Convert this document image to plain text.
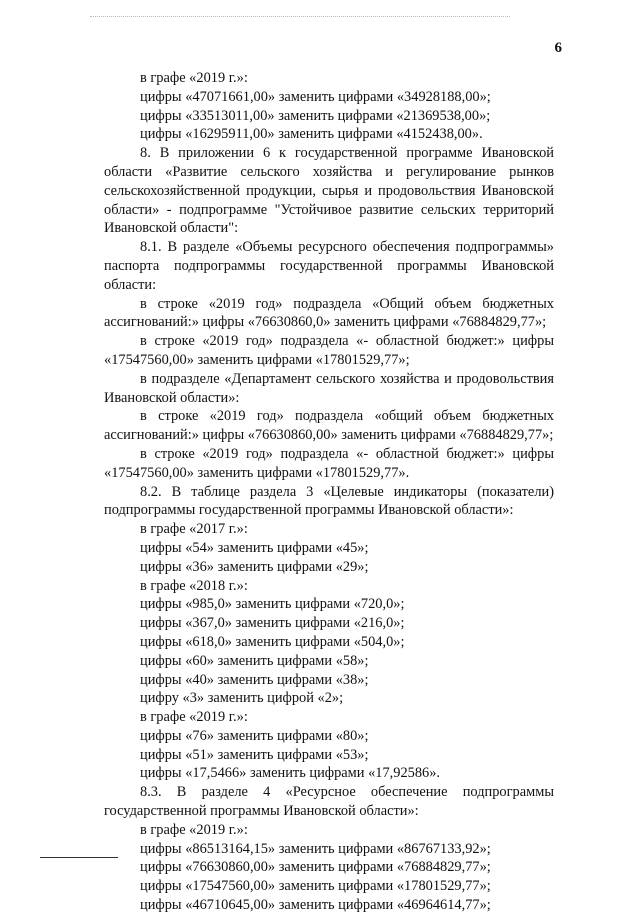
6

в графе «2019 г.»:

цифры «47071661,00» заменить цифрами «34928188,00»;

цифры «33513011,00» заменить цифрами «21369538,00»;

цифры «16295911,00» заменить цифрами «4152438,00».

8. В приложении 6 к государственной программе Ивановской области «Развитие сельского хозяйства и регулирование рынков сельскохозяйственной продукции, сырья и продовольствия Ивановской области» - подпрограмме "Устойчивое развитие сельских территорий Ивановской области":

8.1. В разделе «Объемы ресурсного обеспечения подпрограммы» паспорта подпрограммы государственной программы Ивановской области:

в строке «2019 год» подраздела «Общий объем бюджетных ассигнований:» цифры «76630860,0» заменить цифрами «76884829,77»;

в строке «2019 год» подраздела «- областной бюджет:» цифры «17547560,00» заменить цифрами «17801529,77»;

в подразделе «Департамент сельского хозяйства и продовольствия Ивановской области»:

в строке «2019 год» подраздела «общий объем бюджетных ассигнований:» цифры «76630860,00» заменить цифрами «76884829,77»;

в строке «2019 год» подраздела «- областной бюджет:» цифры «17547560,00» заменить цифрами «17801529,77».

8.2. В таблице раздела 3 «Целевые индикаторы (показатели) подпрограммы государственной программы Ивановской области»:

в графе «2017 г.»:

цифры «54» заменить цифрами «45»;

цифры «36» заменить цифрами «29»;

в графе «2018 г.»:

цифры «985,0» заменить цифрами «720,0»;

цифры «367,0» заменить цифрами «216,0»;

цифры «618,0» заменить цифрами «504,0»;

цифры «60» заменить цифрами «58»;

цифры «40» заменить цифрами «38»;

цифру «3» заменить цифрой «2»;

в графе «2019 г.»:

цифры «76» заменить цифрами «80»;

цифры «51» заменить цифрами «53»;

цифры «17,5466» заменить цифрами «17,92586».

8.3. В разделе 4 «Ресурсное обеспечение подпрограммы государственной программы Ивановской области»:

в графе «2019 г.»:

цифры «86513164,15» заменить цифрами «86767133,92»;

цифры «76630860,00» заменить цифрами «76884829,77»;

цифры «17547560,00» заменить цифрами «17801529,77»;

цифры «46710645,00» заменить цифрами «46964614,77»;
